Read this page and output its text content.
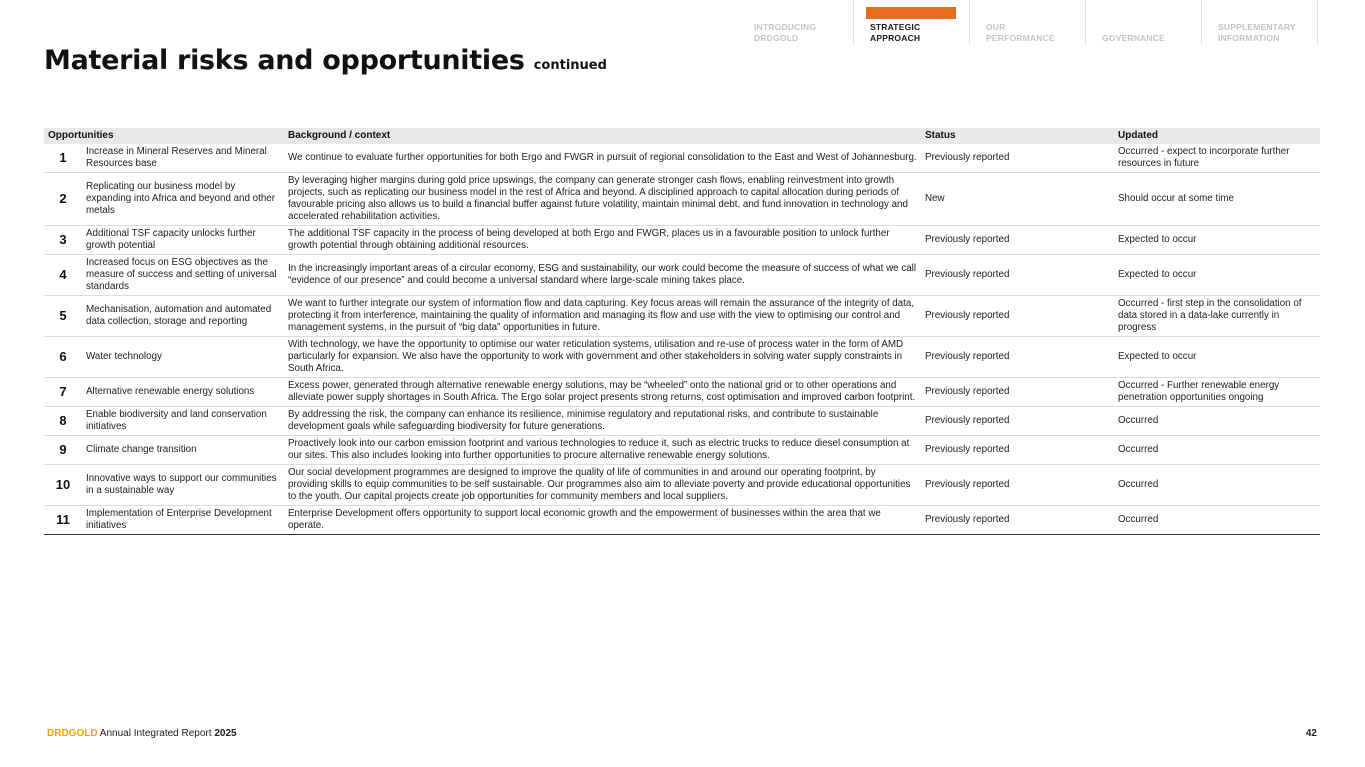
INTRODUCING
DRDGOLD
STRATEGIC
APPROACH
OUR
PERFORMANCE	
GOVERNANCE
SUPPLEMENTARY
INFORMATION
Material risks and opportunities continued
Opportunities		Background / context	Status	Updated
1	Increase in Mineral Reserves and Mineral Resources base	We continue to evaluate further opportunities for both Ergo and FWGR in pursuit of regional consolidation to the East and West of Johannesburg.	Previously reported	Occurred - expect to incorporate further resources in future
2	Replicating our business model by expanding into Africa and beyond and other metals	By leveraging higher margins during gold price upswings, the company can generate stronger cash flows, enabling reinvestment into growth projects, such as replicating our business model in the rest of Africa and beyond. A disciplined approach to capital allocation during periods of favourable pricing also allows us to build a financial buffer against future volatility, maintain minimal debt, and fund innovation in technology and accelerated rehabilitation activities.	New	Should occur at some time
3	Additional TSF capacity unlocks further growth potential	The additional TSF capacity in the process of being developed at both Ergo and FWGR, places us in a favourable position to unlock further growth potential through obtaining additional resources.	Previously reported	Expected to occur
4	Increased focus on ESG objectives as the measure of success and setting of universal standards	In the increasingly important areas of a circular economy, ESG and sustainability, our work could become the measure of success of what we call “evidence of our presence” and could become a universal standard where large-scale mining takes place.	Previously reported	Expected to occur
5	Mechanisation, automation and automated data collection, storage and reporting	We want to further integrate our system of information flow and data capturing. Key focus areas will remain the assurance of the integrity of data, protecting it from interference, maintaining the quality of information and managing its flow and use with the view to optimising our control and management systems, in the pursuit of “big data” opportunities in future.	Previously reported	Occurred - first step in the consolidation of data stored in a data-lake currently in progress
6	Water technology	With technology, we have the opportunity to optimise our water reticulation systems, utilisation and re-use of process water in the form of AMD particularly for expansion. We also have the opportunity to work with government and other stakeholders in solving water supply constraints in South Africa.	Previously reported	Expected to occur
7	Alternative renewable energy solutions	Excess power, generated through alternative renewable energy solutions, may be “wheeled” onto the national grid or to other operations and alleviate power supply shortages in South Africa. The Ergo solar project presents strong returns, cost optimisation and improved carbon footprint.	Previously reported	Occurred - Further renewable energy penetration opportunities ongoing
8	Enable biodiversity and land conservation initiatives	By addressing the risk, the company can enhance its resilience, minimise regulatory and reputational risks, and contribute to sustainable development goals while safeguarding biodiversity for future generations.	Previously reported	Occurred
9	Climate change transition	Proactively look into our carbon emission footprint and various technologies to reduce it, such as electric trucks to reduce diesel consumption at our sites. This also includes looking into further opportunities to procure alternative renewable energy solutions.	Previously reported	Occurred
10	Innovative ways to support our communities in a sustainable way	Our social development programmes are designed to improve the quality of life of communities in and around our operating footprint, by providing skills to equip communities to be self sustainable. Our programmes also aim to alleviate poverty and provide educational opportunities to the youth. Our capital projects create job opportunities for community members and local suppliers.	Previously reported	Occurred
11	Implementation of Enterprise Development initiatives	Enterprise Development offers opportunity to support local economic growth and the empowerment of businesses within the area that we operate.	Previously reported	Occurred
DRDGOLD Annual Integrated Report 2025	42
